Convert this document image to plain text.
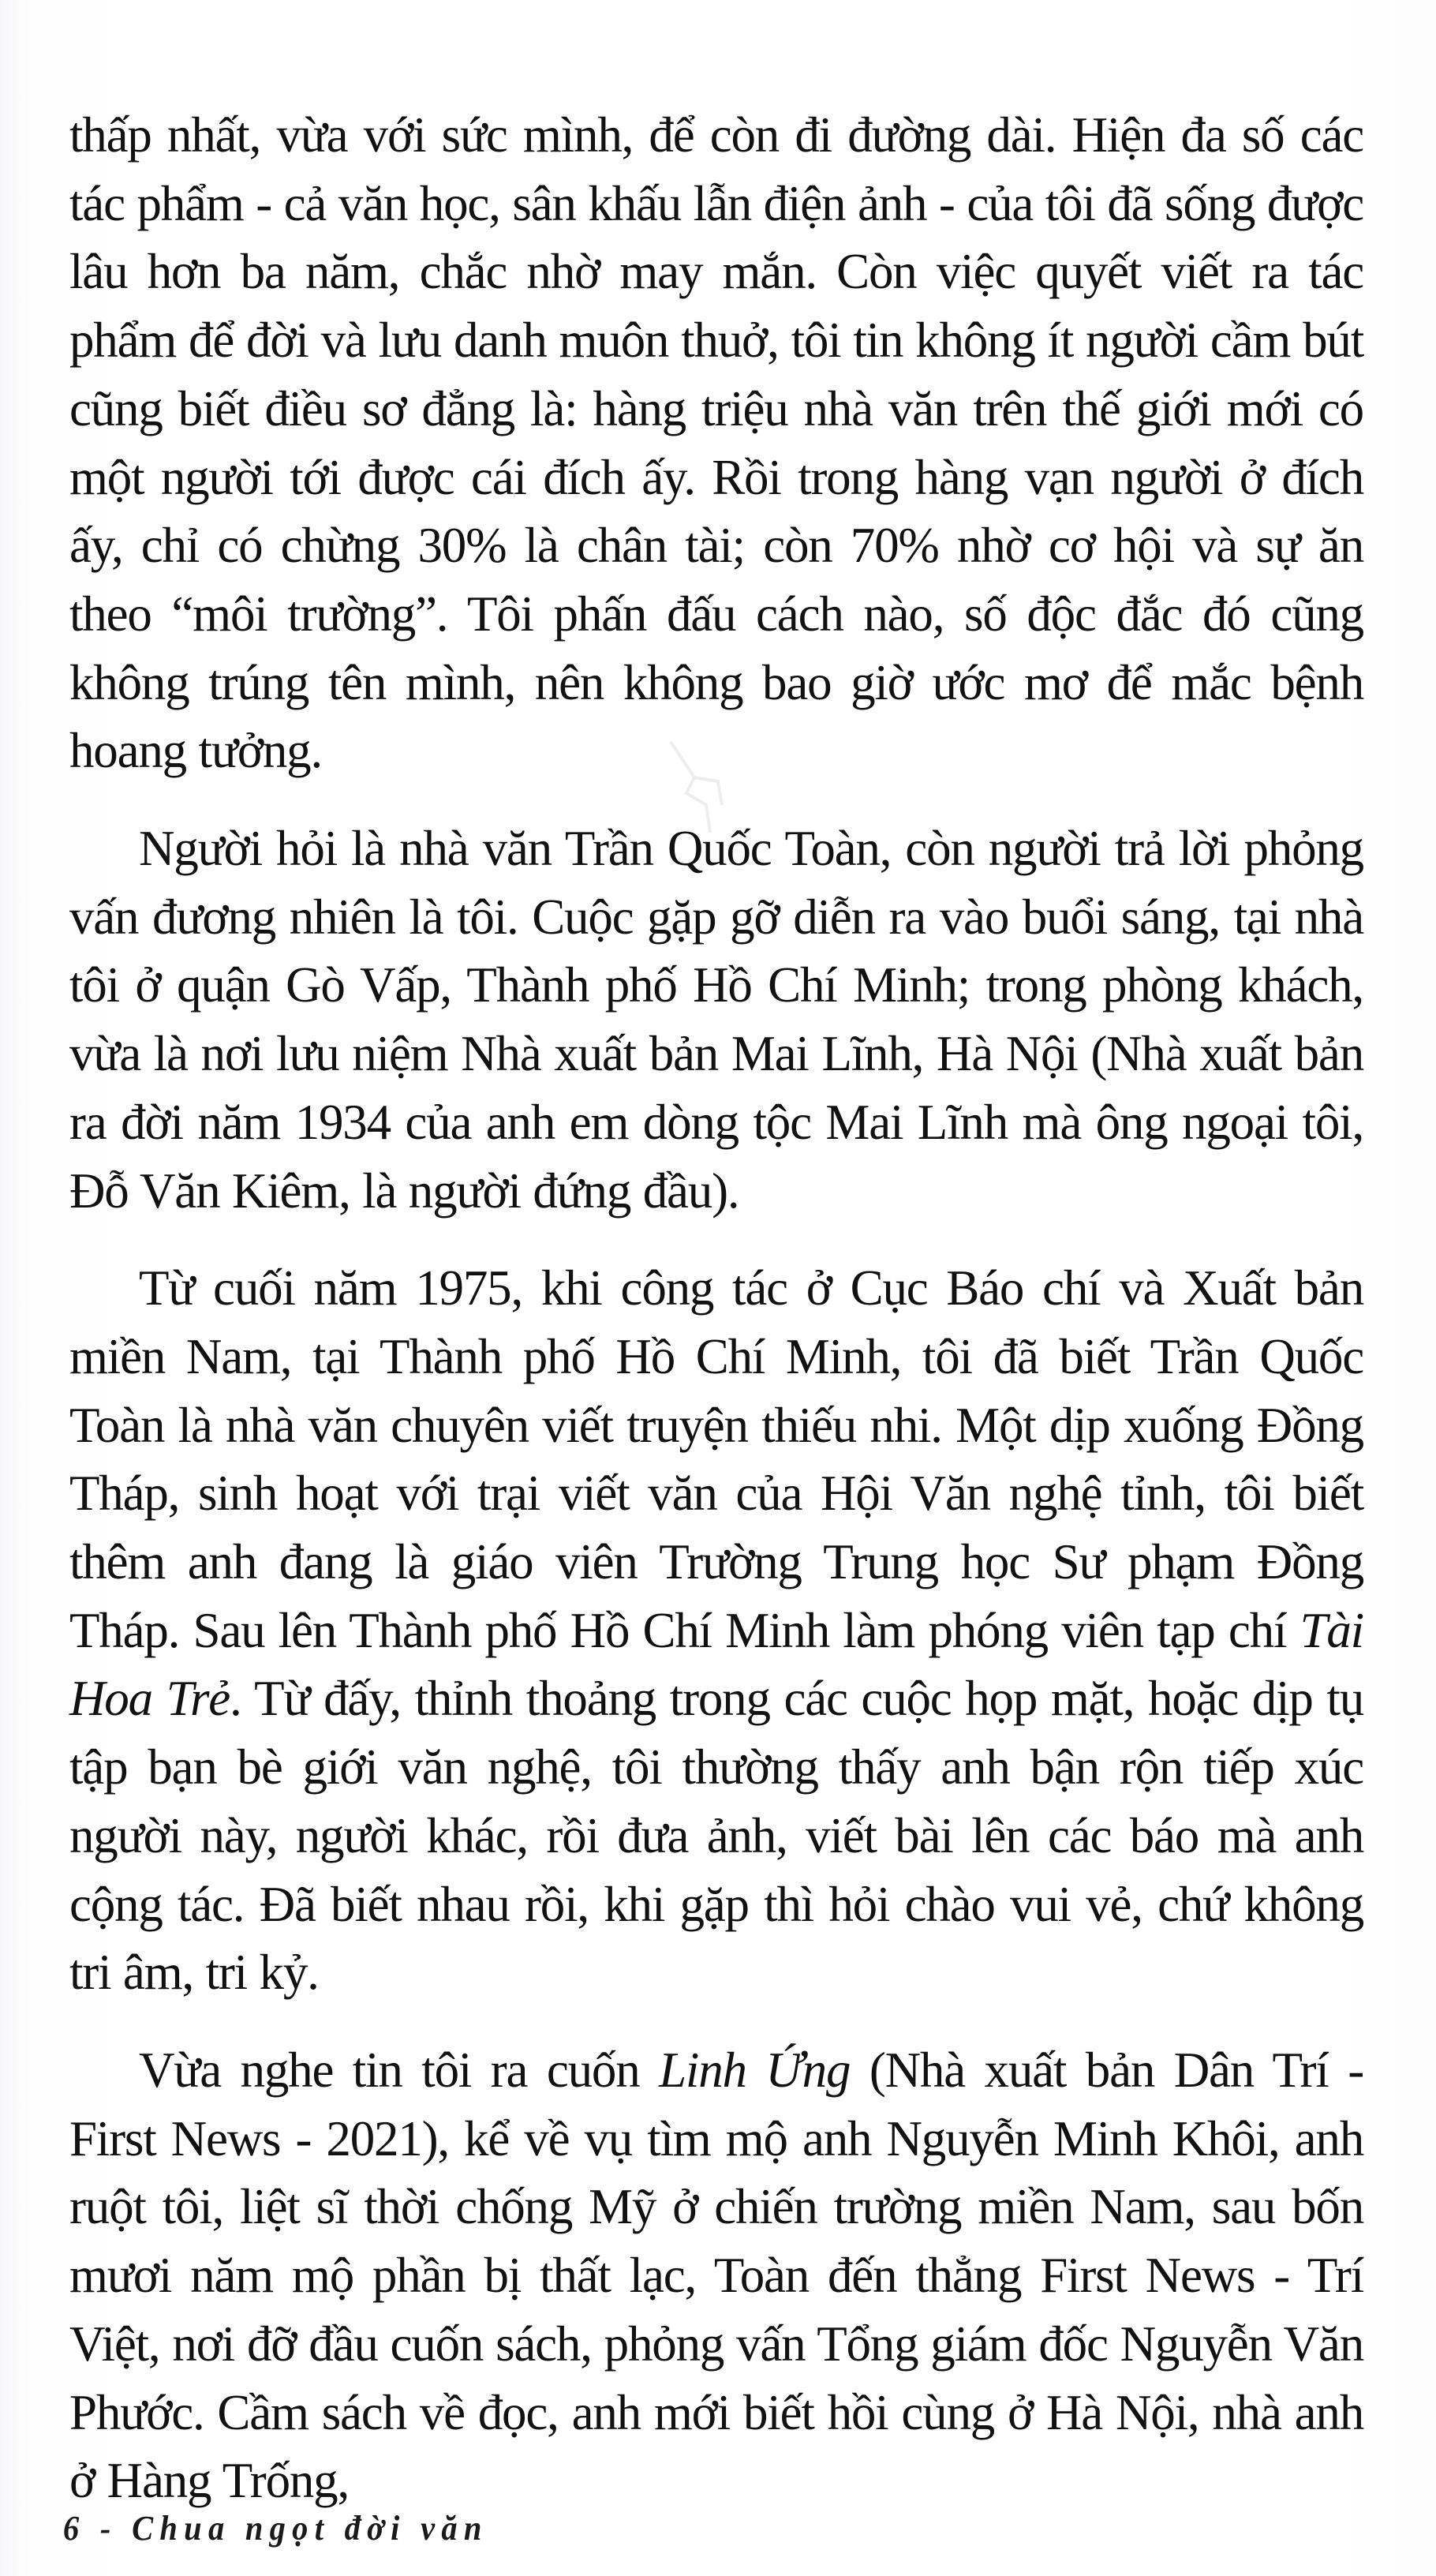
thấp nhất, vừa với sức mình, để còn đi đường dài. Hiện đa số các tác phẩm - cả văn học, sân khấu lẫn điện ảnh - của tôi đã sống được lâu hơn ba năm, chắc nhờ may mắn. Còn việc quyết viết ra tác phẩm để đời và lưu danh muôn thuở, tôi tin không ít người cầm bút cũng biết điều sơ đẳng là: hàng triệu nhà văn trên thế giới mới có một người tới được cái đích ấy. Rồi trong hàng vạn người ở đích ấy, chỉ có chừng 30% là chân tài; còn 70% nhờ cơ hội và sự ăn theo “môi trường”. Tôi phấn đấu cách nào, số độc đắc đó cũng không trúng tên mình, nên không bao giờ ước mơ để mắc bệnh hoang tưởng.

Người hỏi là nhà văn Trần Quốc Toàn, còn người trả lời phỏng vấn đương nhiên là tôi. Cuộc gặp gỡ diễn ra vào buổi sáng, tại nhà tôi ở quận Gò Vấp, Thành phố Hồ Chí Minh; trong phòng khách, vừa là nơi lưu niệm Nhà xuất bản Mai Lĩnh, Hà Nội (Nhà xuất bản ra đời năm 1934 của anh em dòng tộc Mai Lĩnh mà ông ngoại tôi, Đỗ Văn Kiêm, là người đứng đầu).

Từ cuối năm 1975, khi công tác ở Cục Báo chí và Xuất bản miền Nam, tại Thành phố Hồ Chí Minh, tôi đã biết Trần Quốc Toàn là nhà văn chuyên viết truyện thiếu nhi. Một dịp xuống Đồng Tháp, sinh hoạt với trại viết văn của Hội Văn nghệ tỉnh, tôi biết thêm anh đang là giáo viên Trường Trung học Sư phạm Đồng Tháp. Sau lên Thành phố Hồ Chí Minh làm phóng viên tạp chí Tài Hoa Trẻ. Từ đấy, thỉnh thoảng trong các cuộc họp mặt, hoặc dịp tụ tập bạn bè giới văn nghệ, tôi thường thấy anh bận rộn tiếp xúc người này, người khác, rồi đưa ảnh, viết bài lên các báo mà anh cộng tác. Đã biết nhau rồi, khi gặp thì hỏi chào vui vẻ, chứ không tri âm, tri kỷ.

Vừa nghe tin tôi ra cuốn Linh Ứng (Nhà xuất bản Dân Trí - First News - 2021), kể về vụ tìm mộ anh Nguyễn Minh Khôi, anh ruột tôi, liệt sĩ thời chống Mỹ ở chiến trường miền Nam, sau bốn mươi năm mộ phần bị thất lạc, Toàn đến thẳng First News - Trí Việt, nơi đỡ đầu cuốn sách, phỏng vấn Tổng giám đốc Nguyễn Văn Phước. Cầm sách về đọc, anh mới biết hồi cùng ở Hà Nội, nhà anh ở Hàng Trống,

6 - Chua ngọt đời văn
